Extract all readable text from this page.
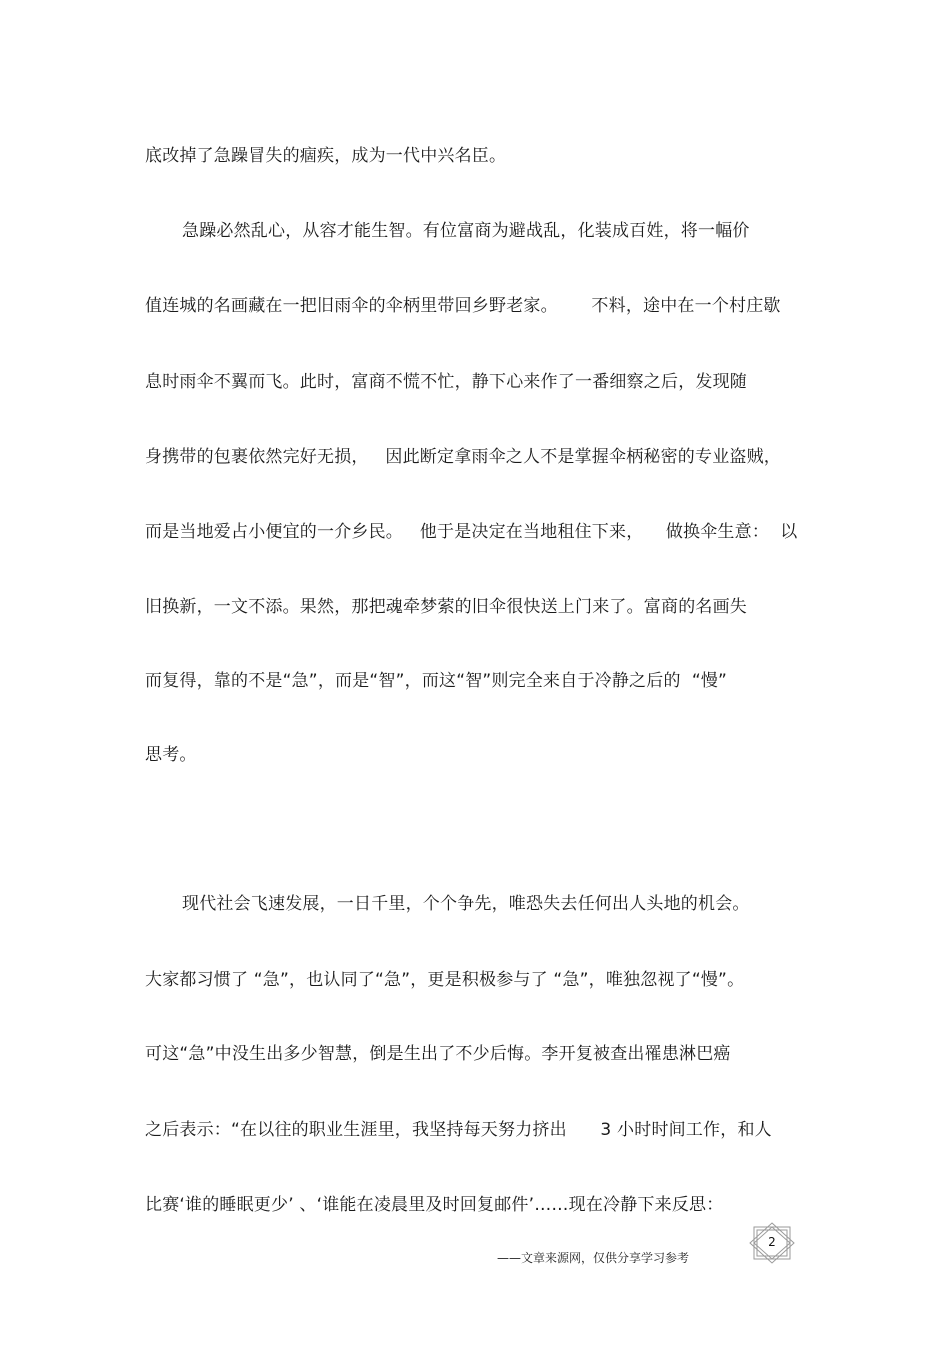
底改掉了急躁冒失的痼疾，成为一代中兴名臣。
急躁必然乱心，从容才能生智。有位富商为避战乱，化装成百姓，将一幅价
值连城的名画藏在一把旧雨伞的伞柄里带回乡野老家。      不料，途中在一个村庄歇
息时雨伞不翼而飞。此时，富商不慌不忙，静下心来作了一番细察之后，发现随
身携带的包裹依然完好无损，   因此断定拿雨伞之人不是掌握伞柄秘密的专业盗贼，
而是当地爱占小便宜的一介乡民。   他于是决定在当地租住下来，    做换伞生意：  以
旧换新，一文不添。果然，那把魂牵梦萦的旧伞很快送上门来了。富商的名画失
而复得，靠的不是“急”，而是“智”，而这“智”则完全来自于冷静之后的  “慢”
思考。
现代社会飞速发展，一日千里，个个争先，唯恐失去任何出人头地的机会。
大家都习惯了 “急”，也认同了“急”，更是积极参与了 “急”，唯独忽视了“慢”。
可这“急”中没生出多少智慧，倒是生出了不少后悔。李开复被查出罹患淋巴癌
之后表示：“在以往的职业生涯里，我坚持每天努力挤出      3 小时时间工作，和人
比赛‘谁的睡眠更少’ 、‘谁能在凌晨里及时回复邮件’……现在冷静下来反思：
——文章来源网，仅供分享学习参考
2
